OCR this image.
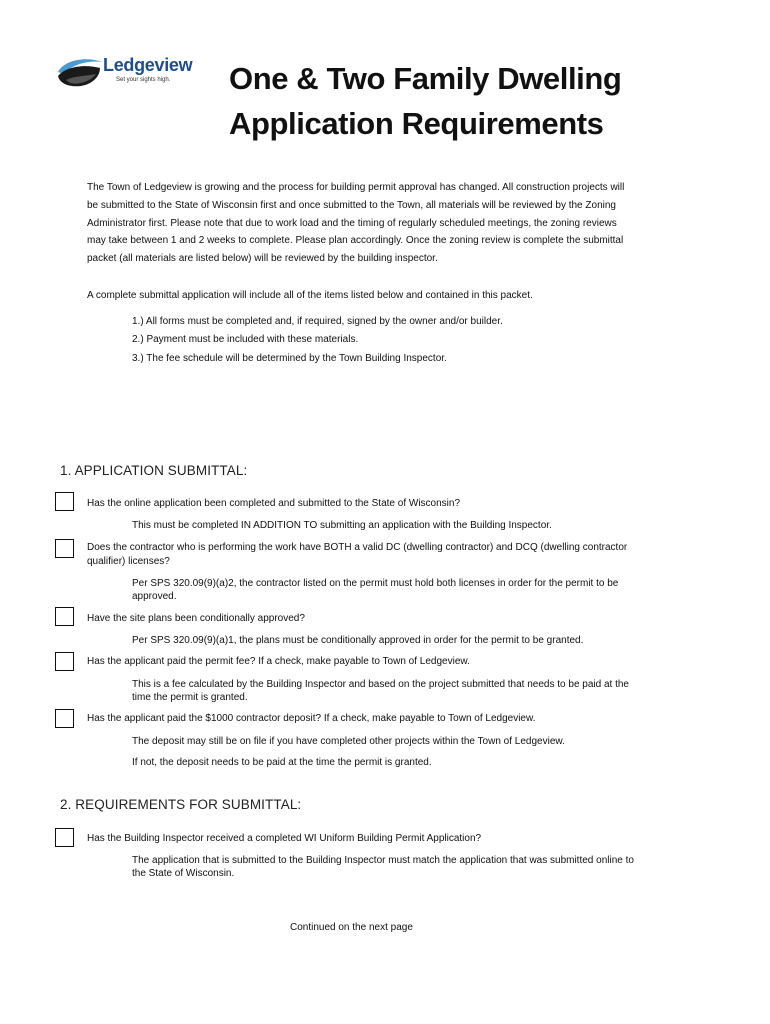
Ledgeview
Set your sights high. One & Two Family Dwelling
Application Requirements

The Town of Ledgeview is growing and the process for building permit approval has changed. All construction projects will
be submitted to the State of Wisconsin first and once submitted to the Town, all materials will be reviewed by the Zoning
Administrator first. Please note that due to work load and the timing of regularly scheduled meetings, the zoning reviews
may take between 1 and 2 weeks to complete. Please plan accordingly. Once the zoning review is complete the submittal
packet (all materials are listed below) will be reviewed by the building inspector.

A complete submittal application will include all of the items listed below and contained in this packet.
1.) All forms must be completed and, if required, signed by the owner and/or builder.
2.) Payment must be included with these materials.
3.) The fee schedule will be determined by the Town Building Inspector.
1. APPLICATION SUBMITTAL:
Has the online application been completed and submitted to the State of Wisconsin?
This must be completed IN ADDITION TO submitting an application with the Building Inspector.
Does the contractor who is performing the work have BOTH a valid DC (dwelling contractor) and DCQ (dwelling contractor
qualifier) licenses?
Per SPS 320.09(9)(a)2, the contractor listed on the permit must hold both licenses in order for the permit to be
approved.
Have the site plans been conditionally approved?
Per SPS 320.09(9)(a)1, the plans must be conditionally approved in order for the permit to be granted.
Has the applicant paid the permit fee? If a check, make payable to Town of Ledgeview.
This is a fee calculated by the Building Inspector and based on the project submitted that needs to be paid at the
time the permit is granted.
Has the applicant paid the $1000 contractor deposit? If a check, make payable to Town of Ledgeview.
The deposit may still be on file if you have completed other projects within the Town of Ledgeview.
If not, the deposit needs to be paid at the time the permit is granted.
2. REQUIREMENTS FOR SUBMITTAL:
Has the Building Inspector received a completed WI Uniform Building Permit Application?
The application that is submitted to the Building Inspector must match the application that was submitted online to
the State of Wisconsin.
Continued on the next page
